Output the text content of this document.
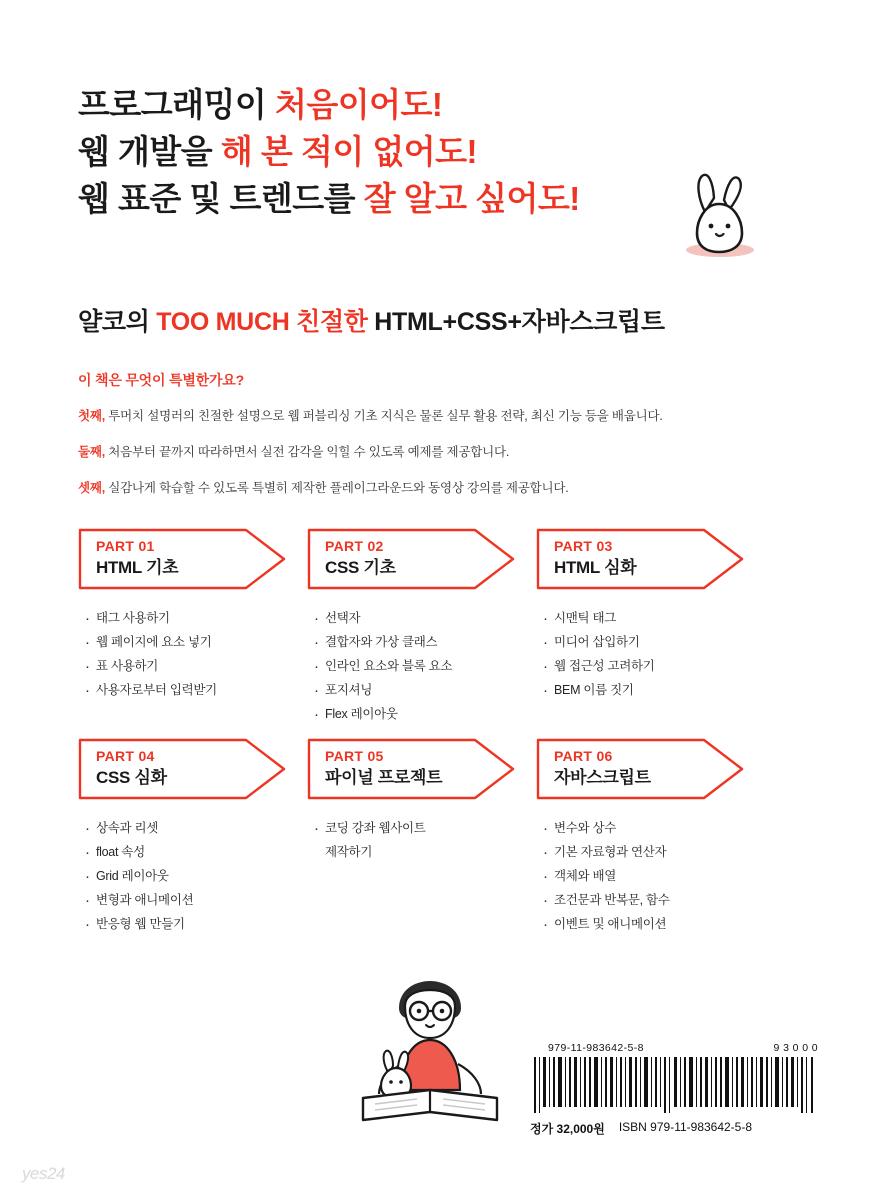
프로그래밍이 처음이어도!
웹 개발을 해 본 적이 없어도!
웹 표준 및 트렌드를 잘 알고 싶어도!
얄코의 TOO MUCH 친절한 HTML+CSS+자바스크립트
이 책은 무엇이 특별한가요?
첫째, 투머치 설명러의 친절한 설명으로 웹 퍼블리싱 기초 지식은 물론 실무 활용 전략, 최신 기능 등을 배웁니다.
둘째, 처음부터 끝까지 따라하면서 실전 감각을 익힐 수 있도록 예제를 제공합니다.
셋째, 실감나게 학습할 수 있도록 특별히 제작한 플레이그라운드와 동영상 강의를 제공합니다.
PART 01
HTML 기초
· 태그 사용하기
· 웹 페이지에 요소 넣기
· 표 사용하기
· 사용자로부터 입력받기
PART 02
CSS 기초
· 선택자
· 결합자와 가상 클래스
· 인라인 요소와 블록 요소
· 포지셔닝
· Flex 레이아웃
PART 03
HTML 심화
· 시맨틱 태그
· 미디어 삽입하기
· 웹 접근성 고려하기
· BEM 이름 짓기
PART 04
CSS 심화
· 상속과 리셋
· float 속성
· Grid 레이아웃
· 변형과 애니메이션
· 반응형 웹 만들기
PART 05
파이널 프로젝트
· 코딩 강좌 웹사이트
제작하기
PART 06
자바스크립트
· 변수와 상수
· 기본 자료형과 연산자
· 객체와 배열
· 조건문과 반복문, 함수
· 이벤트 및 애니메이션
979-11-983642-5-8	9 3 0 0 0
정가 32,000원 ISBN 979-11-983642-5-8
yes24
